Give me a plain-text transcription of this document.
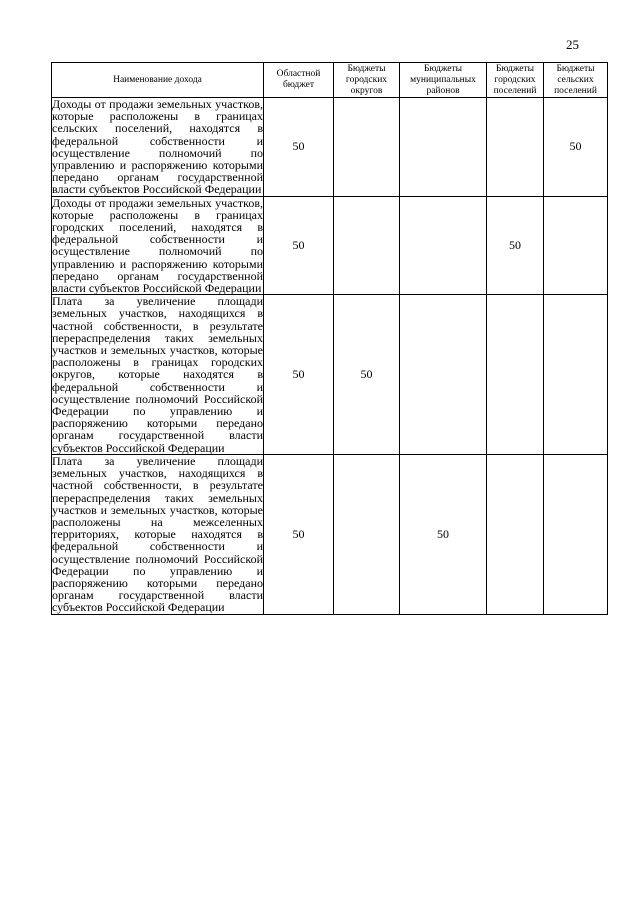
25
Наименование дохода	Областной бюджет	Бюджеты городских округов	Бюджеты муниципальных районов	Бюджеты городских поселений	Бюджеты сельских поселений
Доходы от продажи земельных участков, которые расположены в границах сельских поселений, находятся в федеральной собственности и осуществление полномочий по управлению и распоряжению которыми передано органам государственной власти субъектов Российской Федерации	50				50
Доходы от продажи земельных участков, которые расположены в границах городских поселений, находятся в федеральной собственности и осуществление полномочий по управлению и распоряжению которыми передано органам государственной власти субъектов Российской Федерации	50			50	
Плата за увеличение площади земельных участков, находящихся в частной собственности, в результате перераспределения таких земельных участков и земельных участков, которые расположены в границах городских округов, которые находятся в федеральной собственности и осуществление полномочий Российской Федерации по управлению и распоряжению которыми передано органам государственной власти субъектов Российской Федерации	50	50			
Плата за увеличение площади земельных участков, находящихся в частной собственности, в результате перераспределения таких земельных участков и земельных участков, которые расположены на межселенных территориях, которые находятся в федеральной собственности и осуществление полномочий Российской Федерации по управлению и распоряжению которыми передано органам государственной власти субъектов Российской Федерации	50		50		
